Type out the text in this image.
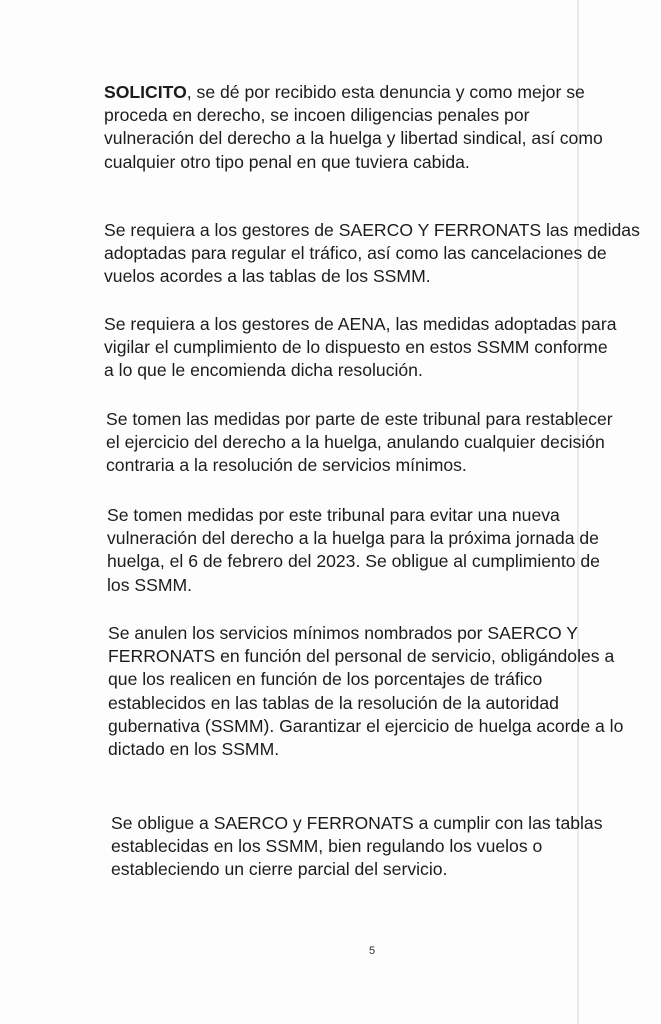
SOLICITO, se dé por recibido esta denuncia y como mejor se
proceda en derecho, se incoen diligencias penales por
vulneración del derecho a la huelga y libertad sindical, así como
cualquier otro tipo penal en que tuviera cabida.
Se requiera a los gestores de SAERCO Y FERRONATS las medidas
adoptadas para regular el tráfico, así como las cancelaciones de
vuelos acordes a las tablas de los SSMM.
Se requiera a los gestores de AENA, las medidas adoptadas para
vigilar el cumplimiento de lo dispuesto en estos SSMM conforme
a lo que le encomienda dicha resolución.
Se tomen las medidas por parte de este tribunal para restablecer
el ejercicio del derecho a la huelga, anulando cualquier decisión
contraria a la resolución de servicios mínimos.
Se tomen medidas por este tribunal para evitar una nueva
vulneración del derecho a la huelga para la próxima jornada de
huelga, el 6 de febrero del 2023. Se obligue al cumplimiento de
los SSMM.
Se anulen los servicios mínimos nombrados por SAERCO Y
FERRONATS en función del personal de servicio, obligándoles a
que los realicen en función de los porcentajes de tráfico
establecidos en las tablas de la resolución de la autoridad
gubernativa (SSMM). Garantizar el ejercicio de huelga acorde a lo
dictado en los SSMM.
Se obligue a SAERCO y FERRONATS a cumplir con las tablas
establecidas en los SSMM, bien regulando los vuelos o
estableciendo un cierre parcial del servicio.
5
